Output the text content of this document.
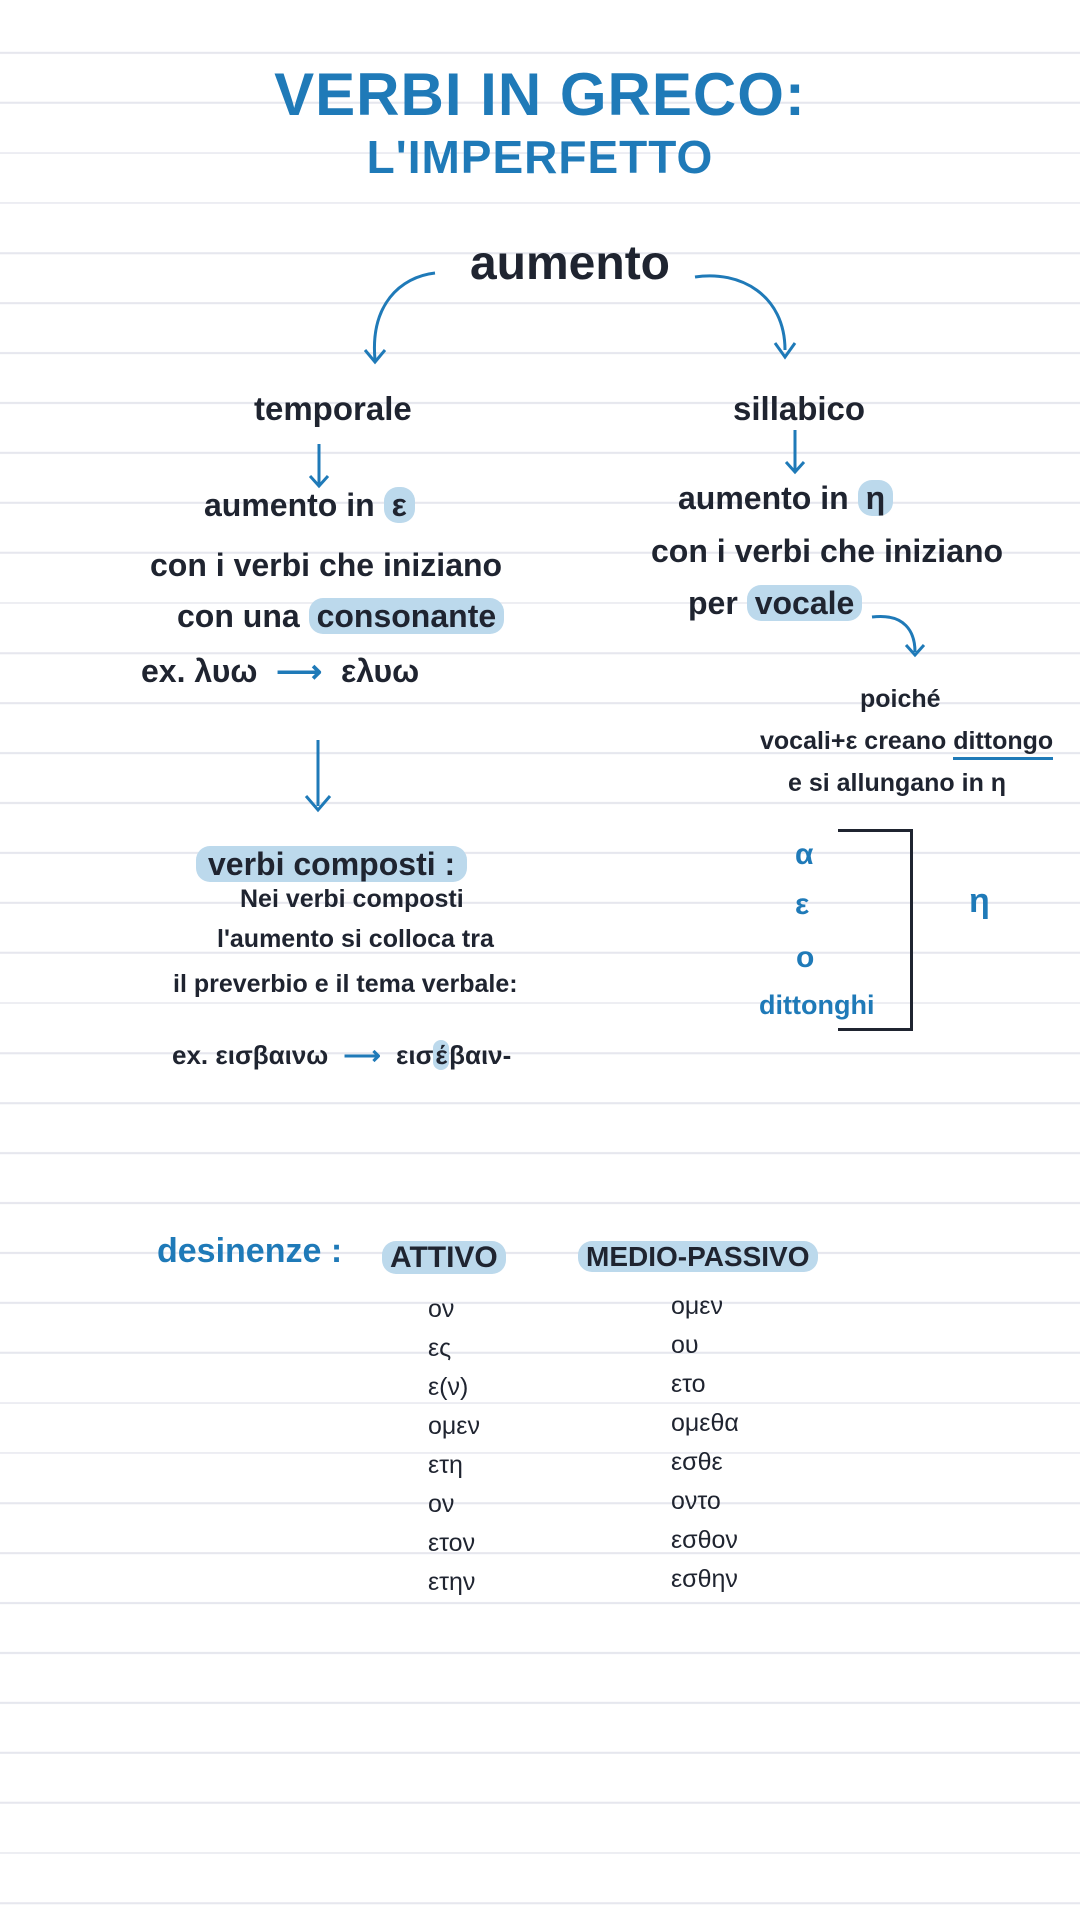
VERBI IN GRECO:
L'IMPERFETTO
aumento
temporale
aumento in ε
con i verbi che iniziano
con una consonante
ex. λυω ⟶ ελυω
sillabico
aumento in η
con i verbi che iniziano
per vocale
poiché
vocali+ε creano dittongo
e si allungano in η
α
ε
ο
dittonghi
η
verbi composti :
Nei verbi composti
l'aumento si colloca tra
il preverbio e il tema verbale:
ex. εισβαινω ⟶ εισέβαιν-
desinenze : ATTIVO	MEDIO-PASSIVO
ον
ες
ε(ν)
ομεν
ετη
ον
ετον
ετην
ομεν
ου
ετο
ομεθα
εσθε
οντο
εσθον
εσθην
